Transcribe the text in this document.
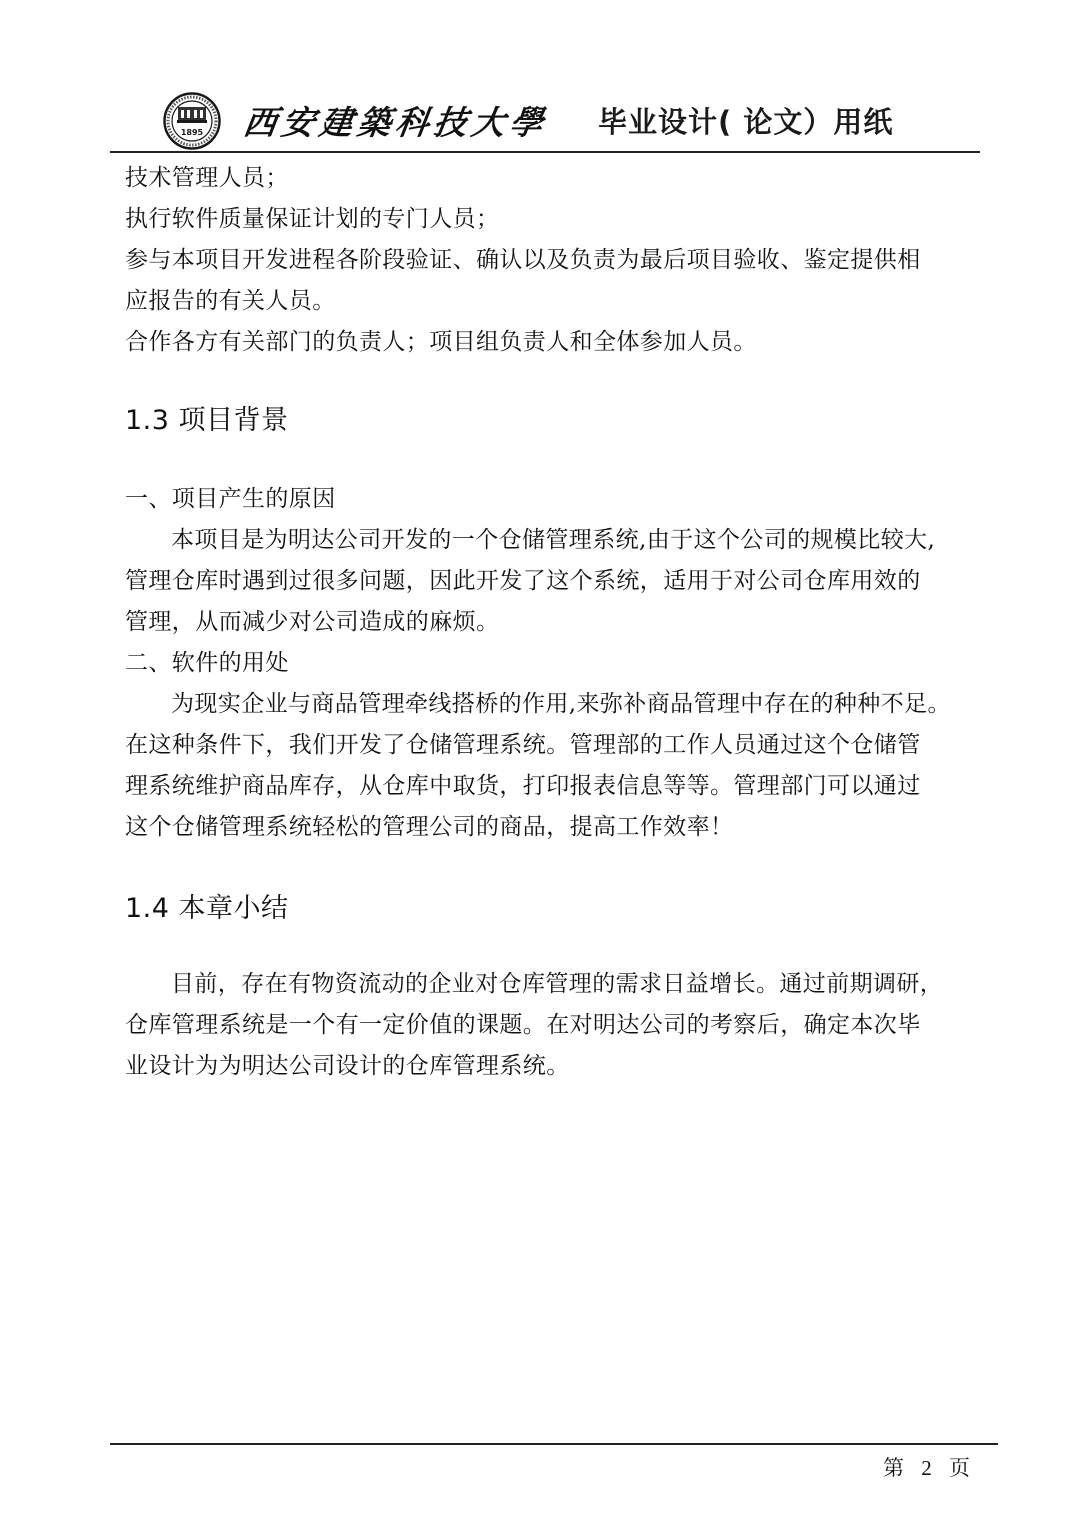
1895 西安建築科技大學 毕业设计( 论文）用纸
技术管理人员；
执行软件质量保证计划的专门人员；
参与本项目开发进程各阶段验证、确认以及负责为最后项目验收、鉴定提供相
应报告的有关人员。
合作各方有关部门的负责人；项目组负责人和全体参加人员。
1.3 项目背景
一、项目产生的原因
本项目是为明达公司开发的一个仓储管理系统,由于这个公司的规模比较大,
管理仓库时遇到过很多问题，因此开发了这个系统，适用于对公司仓库用效的
管理，从而减少对公司造成的麻烦。
二、软件的用处
为现实企业与商品管理牵线搭桥的作用,来弥补商品管理中存在的种种不足。
在这种条件下，我们开发了仓储管理系统。管理部的工作人员通过这个仓储管
理系统维护商品库存，从仓库中取货，打印报表信息等等。管理部门可以通过
这个仓储管理系统轻松的管理公司的商品，提高工作效率！
1.4 本章小结
目前，存在有物资流动的企业对仓库管理的需求日益增长。通过前期调研，
仓库管理系统是一个有一定价值的课题。在对明达公司的考察后，确定本次毕
业设计为为明达公司设计的仓库管理系统。
第 2 页
